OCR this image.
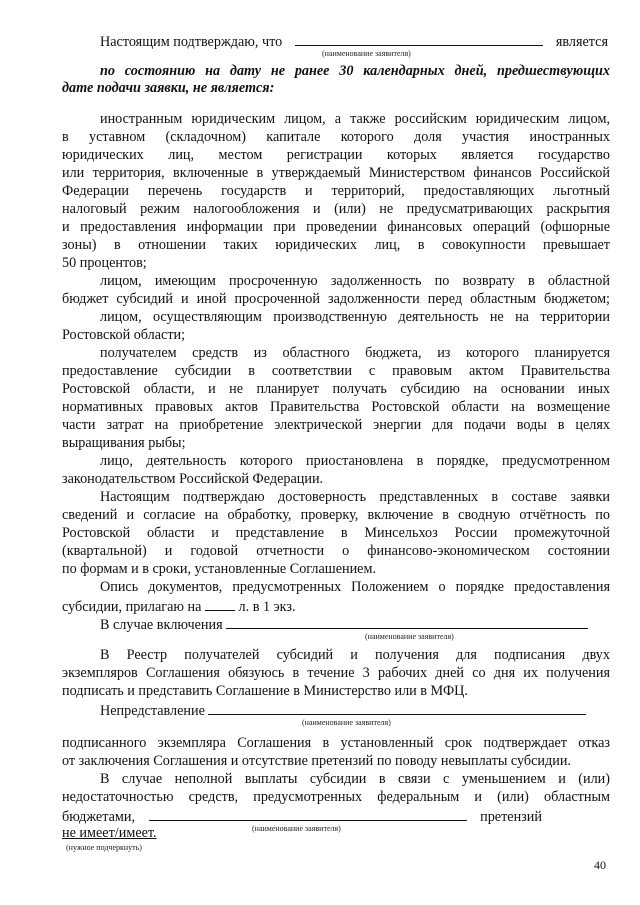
Настоящим подтверждаю, что	является
(наименование заявителя)
по состоянию на дату не ранее 30 календарных дней, предшествующих
дате подачи заявки, не является:
иностранным юридическим лицом, а также российским юридическим лицом,
в уставном (складочном) капитале которого доля участия иностранных
юридических лиц, местом регистрации которых является государство
или территория, включенные в утверждаемый Министерством финансов Российской
Федерации перечень государств и территорий, предоставляющих льготный
налоговый режим налогообложения и (или) не предусматривающих раскрытия
и предоставления информации при проведении финансовых операций (офшорные
зоны) в отношении таких юридических лиц, в совокупности превышает
50 процентов;
лицом, имеющим просроченную задолженность по возврату в областной
бюджет субсидий и иной просроченной задолженности перед областным бюджетом;
лицом, осуществляющим производственную деятельность не на территории
Ростовской области;
получателем средств из областного бюджета, из которого планируется
предоставление субсидии в соответствии с правовым актом Правительства
Ростовской области, и не планирует получать субсидию на основании иных
нормативных правовых актов Правительства Ростовской области на возмещение
части затрат на приобретение электрической энергии для подачи воды в целях
выращивания рыбы;
лицо, деятельность которого приостановлена в порядке, предусмотренном
законодательством Российской Федерации.
Настоящим подтверждаю достоверность представленных в составе заявки
сведений и согласие на обработку, проверку, включение в сводную отчётность по
Ростовской области и представление в Минсельхоз России промежуточной
(квартальной) и годовой отчетности о финансово-экономическом состоянии
по формам и в сроки, установленные Соглашением.
Опись документов, предусмотренных Положением о порядке предоставления
субсидии, прилагаю на	л. в 1 экз.
В случае включения
(наименование заявителя)
В Реестр получателей субсидий и получения для подписания двух
экземпляров Соглашения обязуюсь в течение 3 рабочих дней со дня их получения
подписать и представить Соглашение в Министерство или в МФЦ.
Непредставление
(наименование заявителя)
подписанного экземпляра Соглашения в установленный срок подтверждает отказ
от заключения Соглашения и отсутствие претензий по поводу невыплаты субсидии.
В случае неполной выплаты субсидии в связи с уменьшением и (или)
недостаточностью средств, предусмотренных федеральным и (или) областным
бюджетами,	претензий
(наименование заявителя)
не имеет/имеет.
(нужное подчеркнуть)
40
